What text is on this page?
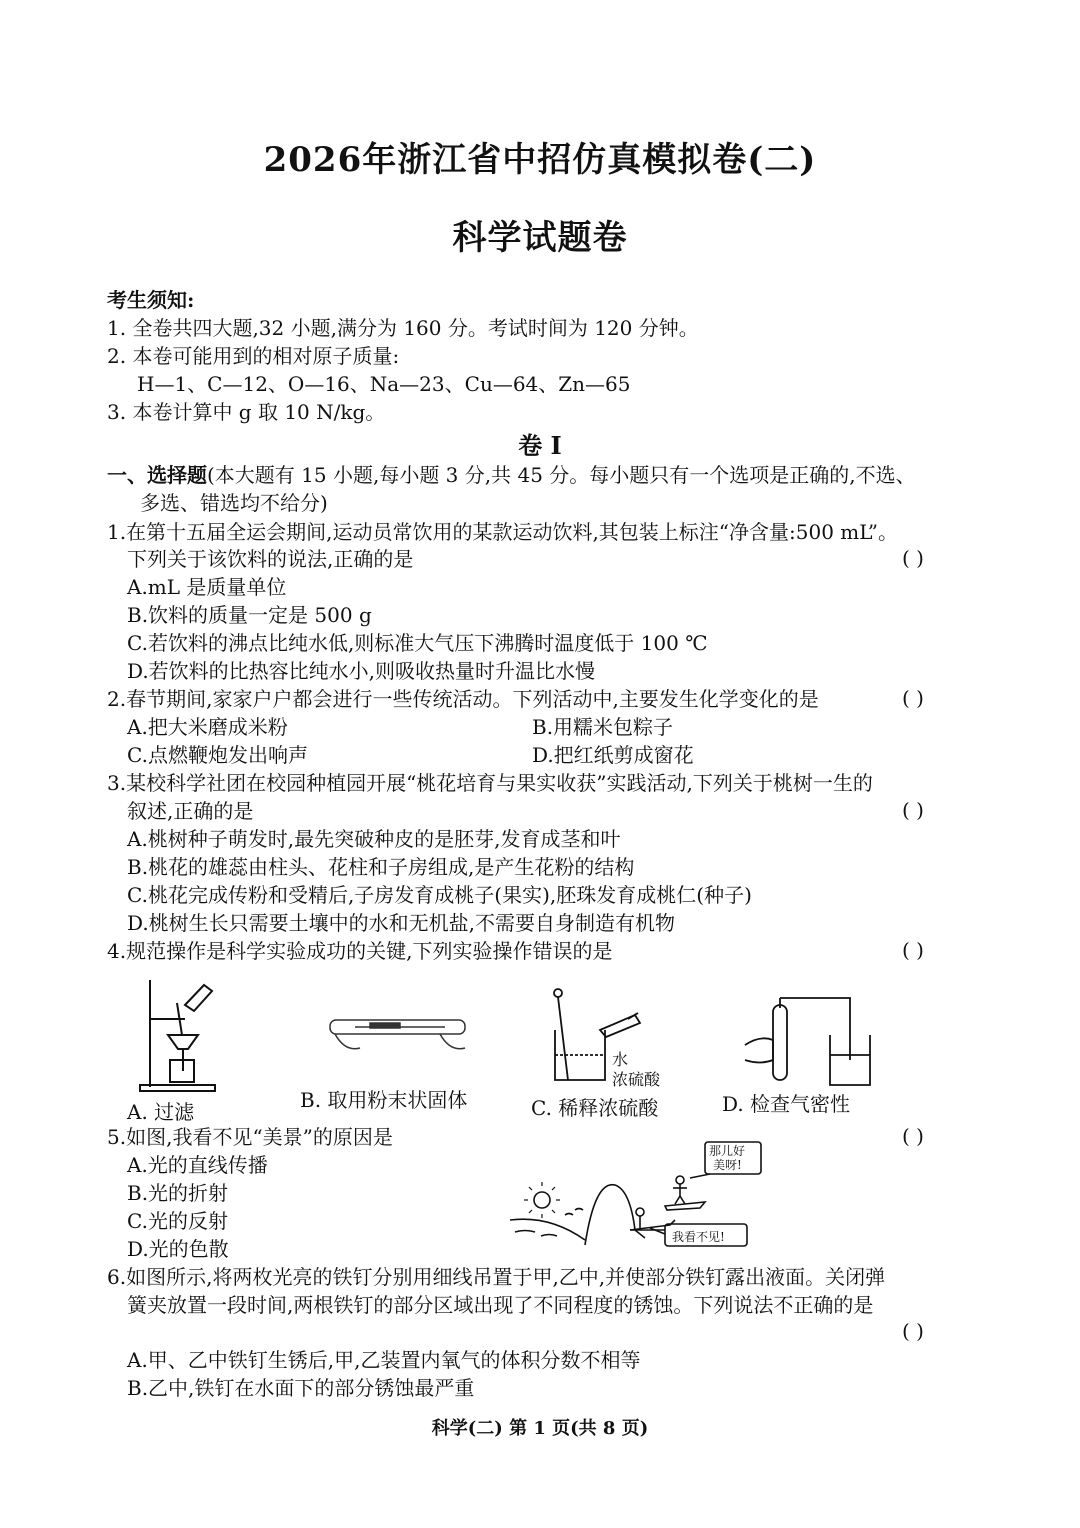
2026年浙江省中招仿真模拟卷(二)
科学试题卷
考生须知:
1. 全卷共四大题,32 小题,满分为 160 分。考试时间为 120 分钟。
2. 本卷可能用到的相对原子质量:
H—1、C—12、O—16、Na—23、Cu—64、Zn—65
3. 本卷计算中 g 取 10 N/kg。
卷 I
一、选择题(本大题有 15 小题,每小题 3 分,共 45 分。每小题只有一个选项是正确的,不选、
多选、错选均不给分)
1.在第十五届全运会期间,运动员常饮用的某款运动饮料,其包装上标注“净含量:500 mL”。
下列关于该饮料的说法,正确的是	( )
A.mL 是质量单位
B.饮料的质量一定是 500 g
C.若饮料的沸点比纯水低,则标准大气压下沸腾时温度低于 100 ℃
D.若饮料的比热容比纯水小,则吸收热量时升温比水慢
2.春节期间,家家户户都会进行一些传统活动。下列活动中,主要发生化学变化的是	( )
A.把大米磨成米粉	B.用糯米包粽子
C.点燃鞭炮发出响声	D.把红纸剪成窗花
3.某校科学社团在校园种植园开展“桃花培育与果实收获”实践活动,下列关于桃树一生的
叙述,正确的是	( )
A.桃树种子萌发时,最先突破种皮的是胚芽,发育成茎和叶
B.桃花的雄蕊由柱头、花柱和子房组成,是产生花粉的结构
C.桃花完成传粉和受精后,子房发育成桃子(果实),胚珠发育成桃仁(种子)
D.桃树生长只需要土壤中的水和无机盐,不需要自身制造有机物
4.规范操作是科学实验成功的关键,下列实验操作错误的是	( )
A. 过滤	B. 取用粉末状固体
水
浓硫酸
C. 稀释浓硫酸	D. 检查气密性
5.如图,我看不见“美景”的原因是	( )
A.光的直线传播
B.光的折射
C.光的反射
D.光的色散
那儿好
美呀!
我看不见!
6.如图所示,将两枚光亮的铁钉分别用细线吊置于甲,乙中,并使部分铁钉露出液面。关闭弹
簧夹放置一段时间,两根铁钉的部分区域出现了不同程度的锈蚀。下列说法不正确的是
( )
A.甲、乙中铁钉生锈后,甲,乙装置内氧气的体积分数不相等
B.乙中,铁钉在水面下的部分锈蚀最严重
科学(二) 第 1 页(共 8 页)
